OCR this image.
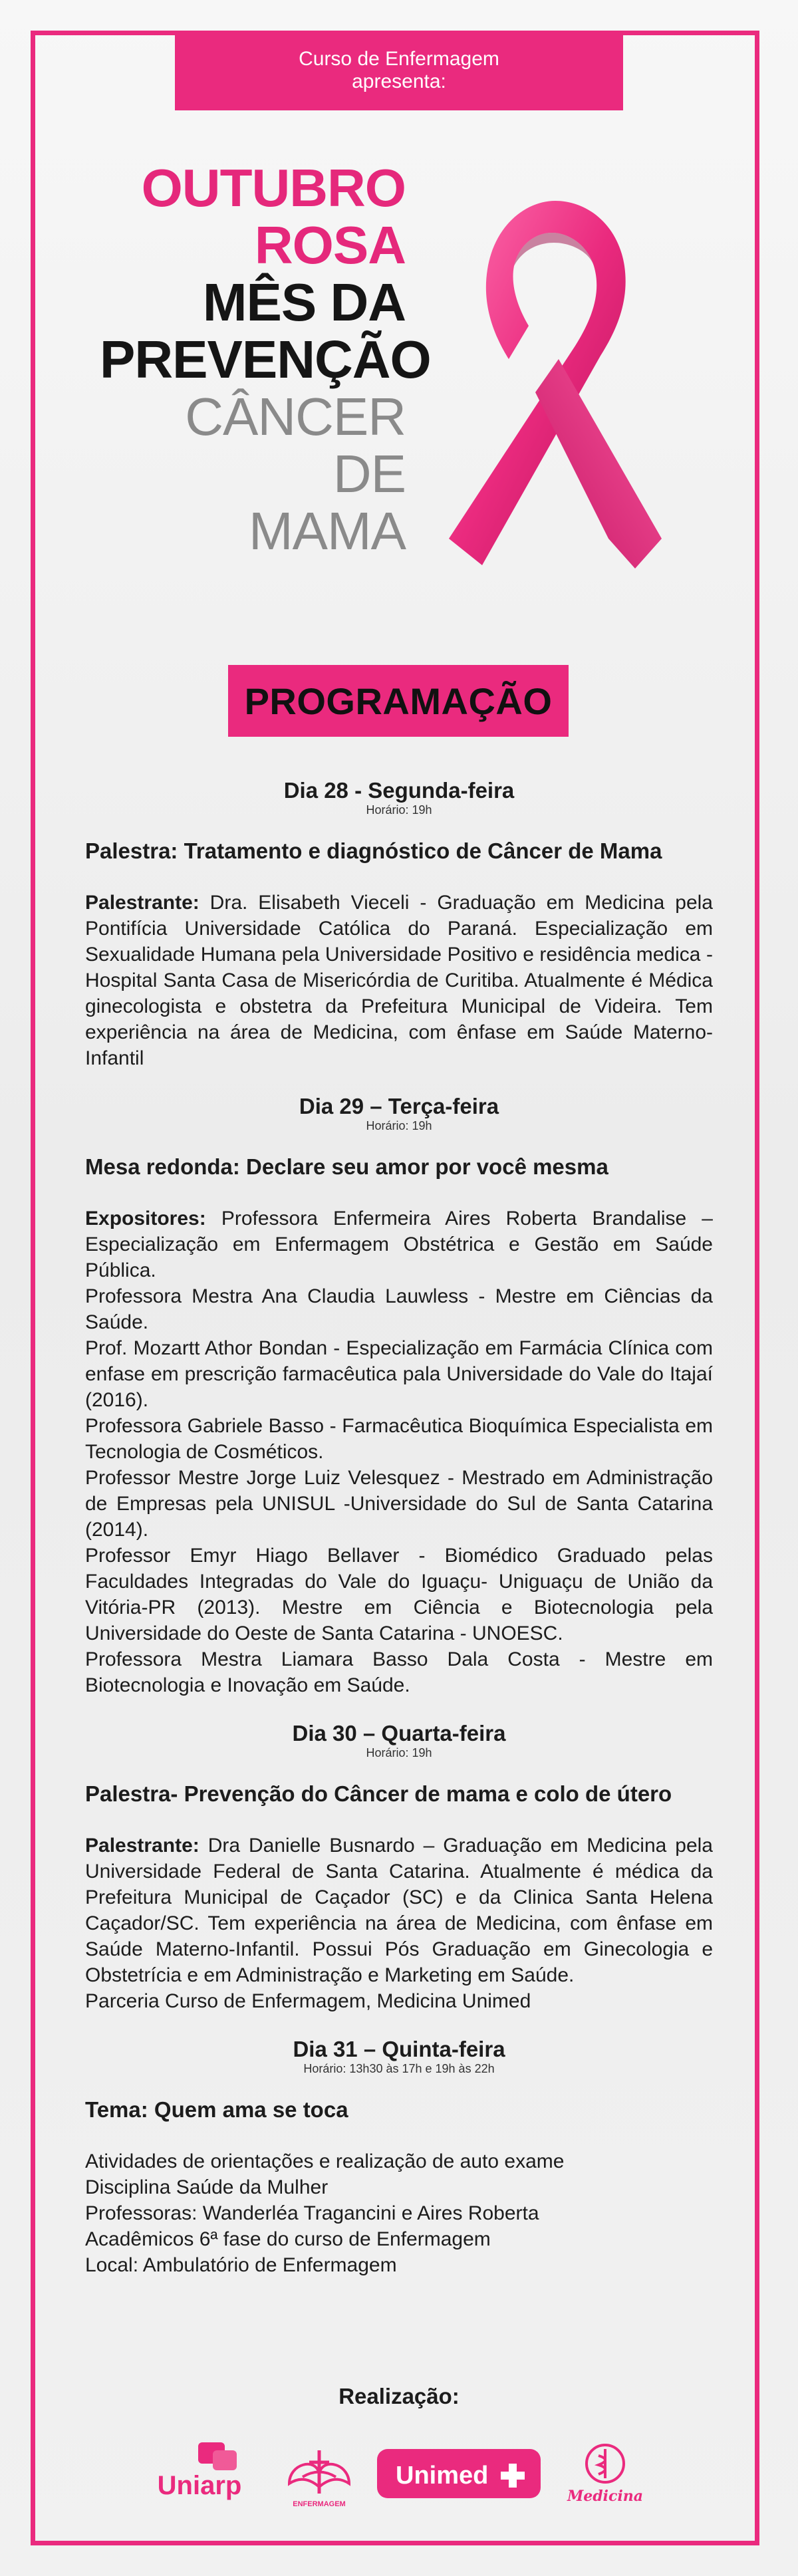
Curso de Enfermagem
apresenta:
OUTUBRO
ROSA
MÊS DA
PREVENÇÃO
CÂNCER DE
MAMA
PROGRAMAÇÃO

Dia 28 - Segunda-feira

Horário: 19h

Palestra: Tratamento e diagnóstico de Câncer de Mama

Palestrante: Dra. Elisabeth Vieceli - Graduação em Medicina pela Pontifícia Universidade Católica do Paraná. Especialização em Sexualidade Humana pela Universidade Positivo e residência medica - Hospital Santa Casa de Misericórdia de Curitiba. Atualmente é Médica ginecologista e obstetra da Prefeitura Municipal de Videira. Tem experiência na área de Medicina, com ênfase em Saúde Materno-Infantil

Dia 29 – Terça-feira

Horário: 19h

Mesa redonda: Declare seu amor por você mesma

Expositores: Professora Enfermeira Aires Roberta Brandalise – Especialização em Enfermagem Obstétrica e Gestão em Saúde Pública.
Professora Mestra Ana Claudia Lauwless - Mestre em Ciências da Saúde.
Prof. Mozartt Athor Bondan - Especialização em Farmácia Clínica com enfase em prescrição farmacêutica pala Universidade do Vale do Itajaí (2016).
Professora Gabriele Basso - Farmacêutica Bioquímica Especialista em Tecnologia de Cosméticos.
Professor Mestre Jorge Luiz Velesquez - Mestrado em Administração de Empresas pela UNISUL -Universidade do Sul de Santa Catarina (2014).
Professor Emyr Hiago Bellaver - Biomédico Graduado pelas Faculdades Integradas do Vale do Iguaçu- Uniguaçu de União da Vitória-PR (2013). Mestre em Ciência e Biotecnologia pela Universidade do Oeste de Santa Catarina - UNOESC.
Professora Mestra Liamara Basso Dala Costa - Mestre em Biotecnologia e Inovação em Saúde.

Dia 30 – Quarta-feira

Horário: 19h

Palestra- Prevenção do Câncer de mama e colo de útero

Palestrante: Dra Danielle Busnardo – Graduação em Medicina pela Universidade Federal de Santa Catarina. Atualmente é médica da Prefeitura Municipal de Caçador (SC) e da Clinica Santa Helena Caçador/SC. Tem experiência na área de Medicina, com ênfase em Saúde Materno-Infantil. Possui Pós Graduação em Ginecologia e Obstetrícia e em Administração e Marketing em Saúde.
Parceria Curso de Enfermagem, Medicina Unimed

Dia 31 – Quinta-feira

Horário: 13h30 às 17h e 19h às 22h

Tema: Quem ama se toca

Atividades de orientações e realização de auto exame
Disciplina Saúde da Mulher
Professoras: Wanderléa Tragancini e Aires Roberta
Acadêmicos 6ª fase do curso de Enfermagem
Local: Ambulatório de Enfermagem

Realização:
Uniarp
ENFERMAGEM
Unimed
Medicina
